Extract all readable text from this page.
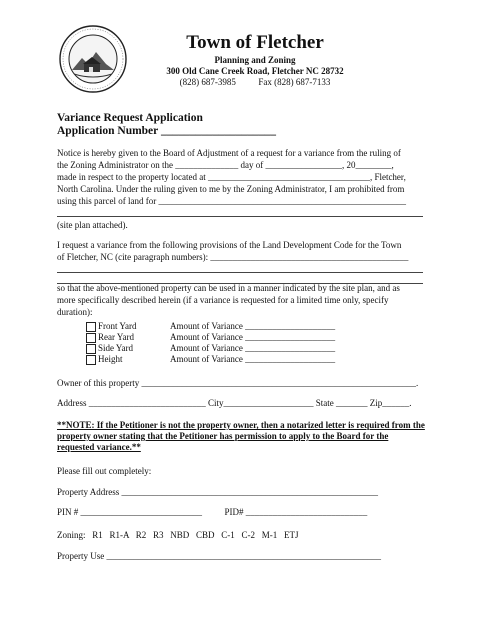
Town of Fletcher
Planning and Zoning
300 Old Cane Creek Road, Fletcher NC 28732
(828) 687-3985          Fax (828) 687-7133
Variance Request Application
Application Number ____________________
Notice is hereby given to the Board of Adjustment of a request for a variance from the ruling of
the Zoning Administrator on the ______________ day of _________________, 20________,
made in respect to the property located at ____________________________________, Fletcher,
North Carolina. Under the ruling given to me by the Zoning Administrator, I am prohibited from
using this parcel of land for _______________________________________________________
(site plan attached).
I request a variance from the following provisions of the Land Development Code for the Town
of Fletcher, NC (cite paragraph numbers): ____________________________________________
so that the above-mentioned property can be used in a manner indicated by the site plan, and as
more specifically described herein (if a variance is requested for a limited time only, specify
duration):
Front Yard	Amount of Variance ____________________
Rear Yard	Amount of Variance ____________________
Side Yard	Amount of Variance ____________________
Height	Amount of Variance ____________________
Owner of this property _____________________________________________________________.
Address __________________________ City____________________ State _______ Zip______.
**NOTE: If the Petitioner is not the property owner, then a notarized letter is required from the property owner stating that the Petitioner has permission to apply to the Board for the requested variance.**
Please fill out completely:
Property Address _________________________________________________________
PIN # ___________________________          PID# ___________________________
Zoning:   R1   R1-A   R2   R3   NBD   CBD   C-1   C-2   M-1   ETJ
Property Use _____________________________________________________________
